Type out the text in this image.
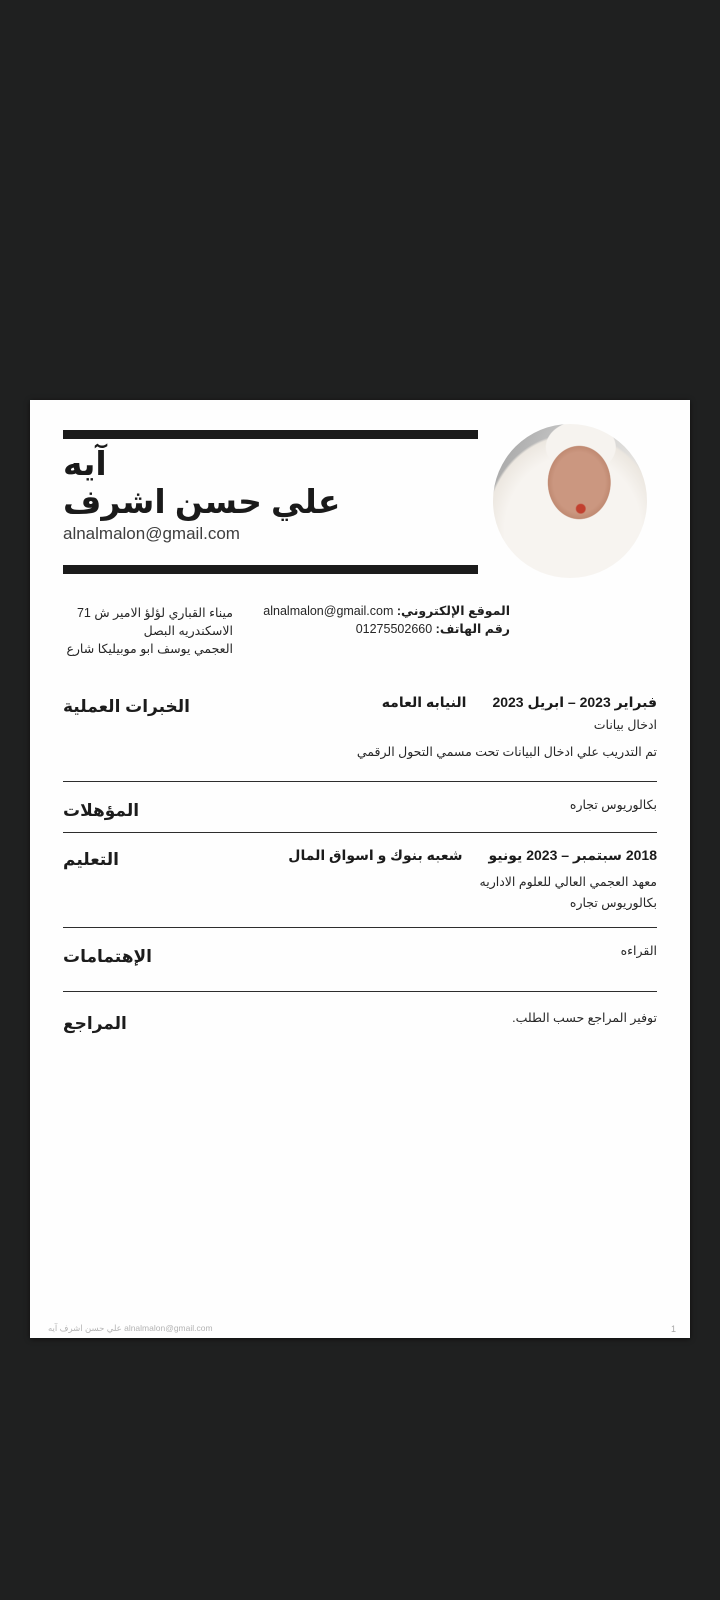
آيه
اشرف حسن علي
alnalmalon@gmail.com
الموقع الإلكتروني: alnalmalon@gmail.com
رقم الهاتف: 01275502660
71 ش الامير لؤلؤ القباري ميناء
البصل الاسكندريه
شارع موبيليكا ابو يوسف العجمي
الخبرات العملية	فبراير 2023 – ابريل 2023
النيابه العامه
ادخال بيانات
تم التدريب علي ادخال البيانات تحت مسمي التحول الرقمي
المؤهلات	بكالوريوس تجاره
التعليم	2018 سبتمبر – 2023 يونيو
شعبه بنوك و اسواق المال
معهد العجمي العالي للعلوم الاداريه
بكالوريوس تجاره
الإهتمامات	القراءه
المراجع	توفير المراجع حسب الطلب.
آيه اشرف حسن علي alnalmalon@gmail.com	1
